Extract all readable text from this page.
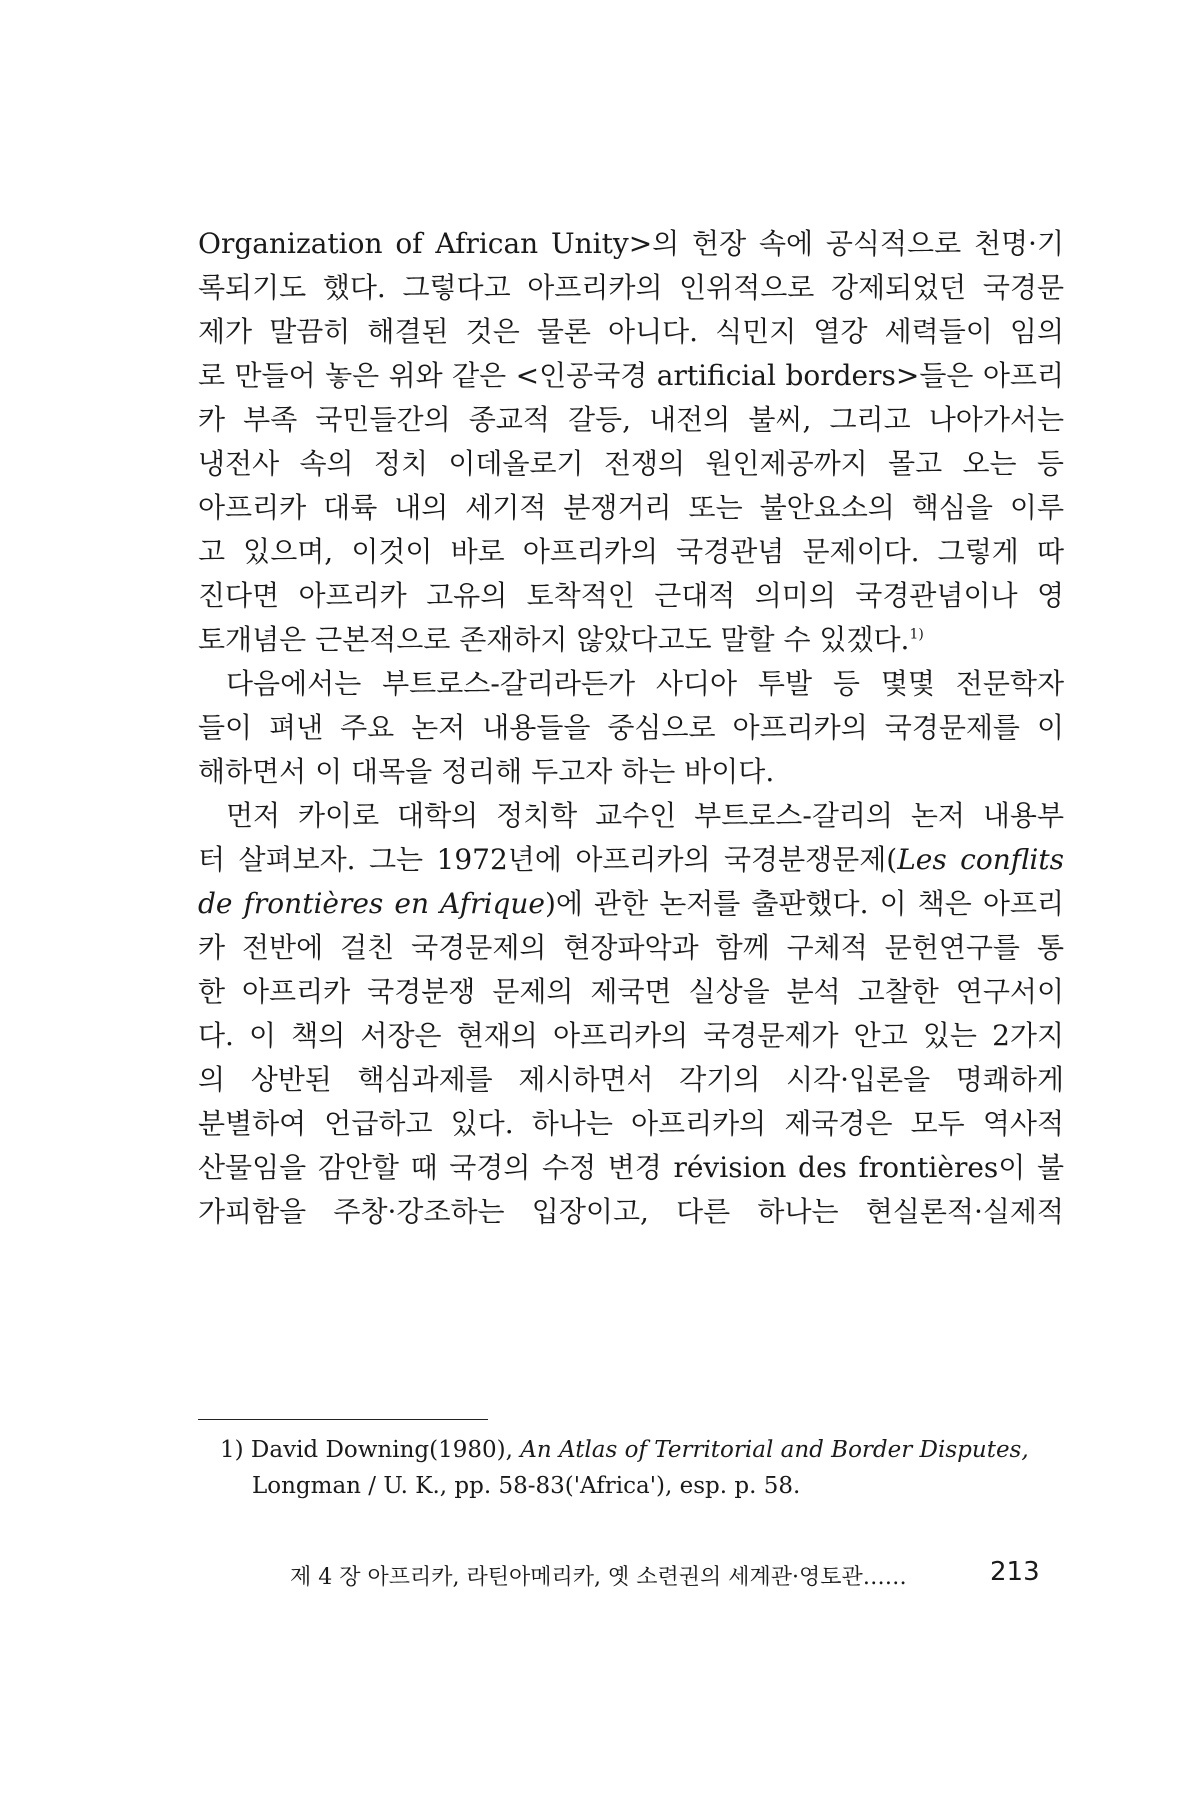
Organization of African Unity>의 헌장 속에 공식적으로 천명·기
록되기도 했다. 그렇다고 아프리카의 인위적으로 강제되었던 국경문
제가 말끔히 해결된 것은 물론 아니다. 식민지 열강 세력들이 임의
로 만들어 놓은 위와 같은 <인공국경 artificial borders>들은 아프리
카 부족 국민들간의 종교적 갈등, 내전의 불씨, 그리고 나아가서는
냉전사 속의 정치 이데올로기 전쟁의 원인제공까지 몰고 오는 등
아프리카 대륙 내의 세기적 분쟁거리 또는 불안요소의 핵심을 이루
고 있으며, 이것이 바로 아프리카의 국경관념 문제이다. 그렇게 따
진다면 아프리카 고유의 토착적인 근대적 의미의 국경관념이나 영
토개념은 근본적으로 존재하지 않았다고도 말할 수 있겠다.$^{1)}$
다음에서는 부트로스-갈리라든가 사디아 투발 등 몇몇 전문학자
들이 펴낸 주요 논저 내용들을 중심으로 아프리카의 국경문제를 이
해하면서 이 대목을 정리해 두고자 하는 바이다.
먼저 카이로 대학의 정치학 교수인 부트로스-갈리의 논저 내용부
터 살펴보자. 그는 1972년에 아프리카의 국경분쟁문제(Les conflits
de frontières en Afrique)에 관한 논저를 출판했다. 이 책은 아프리
카 전반에 걸친 국경문제의 현장파악과 함께 구체적 문헌연구를 통
한 아프리카 국경분쟁 문제의 제국면 실상을 분석 고찰한 연구서이
다. 이 책의 서장은 현재의 아프리카의 국경문제가 안고 있는 2가지
의 상반된 핵심과제를 제시하면서 각기의 시각·입론을 명쾌하게
분별하여 언급하고 있다. 하나는 아프리카의 제국경은 모두 역사적
산물임을 감안할 때 국경의 수정 변경 révision des frontières이 불
가피함을 주창·강조하는 입장이고, 다른 하나는 현실론적·실제적
1) David Downing(1980), An Atlas of Territorial and Border Disputes,
Longman / U. K., pp. 58-83('Africa'), esp. p. 58.
제 4 장 아프리카, 라틴아메리카, 옛 소련권의 세계관·영토관……	213
